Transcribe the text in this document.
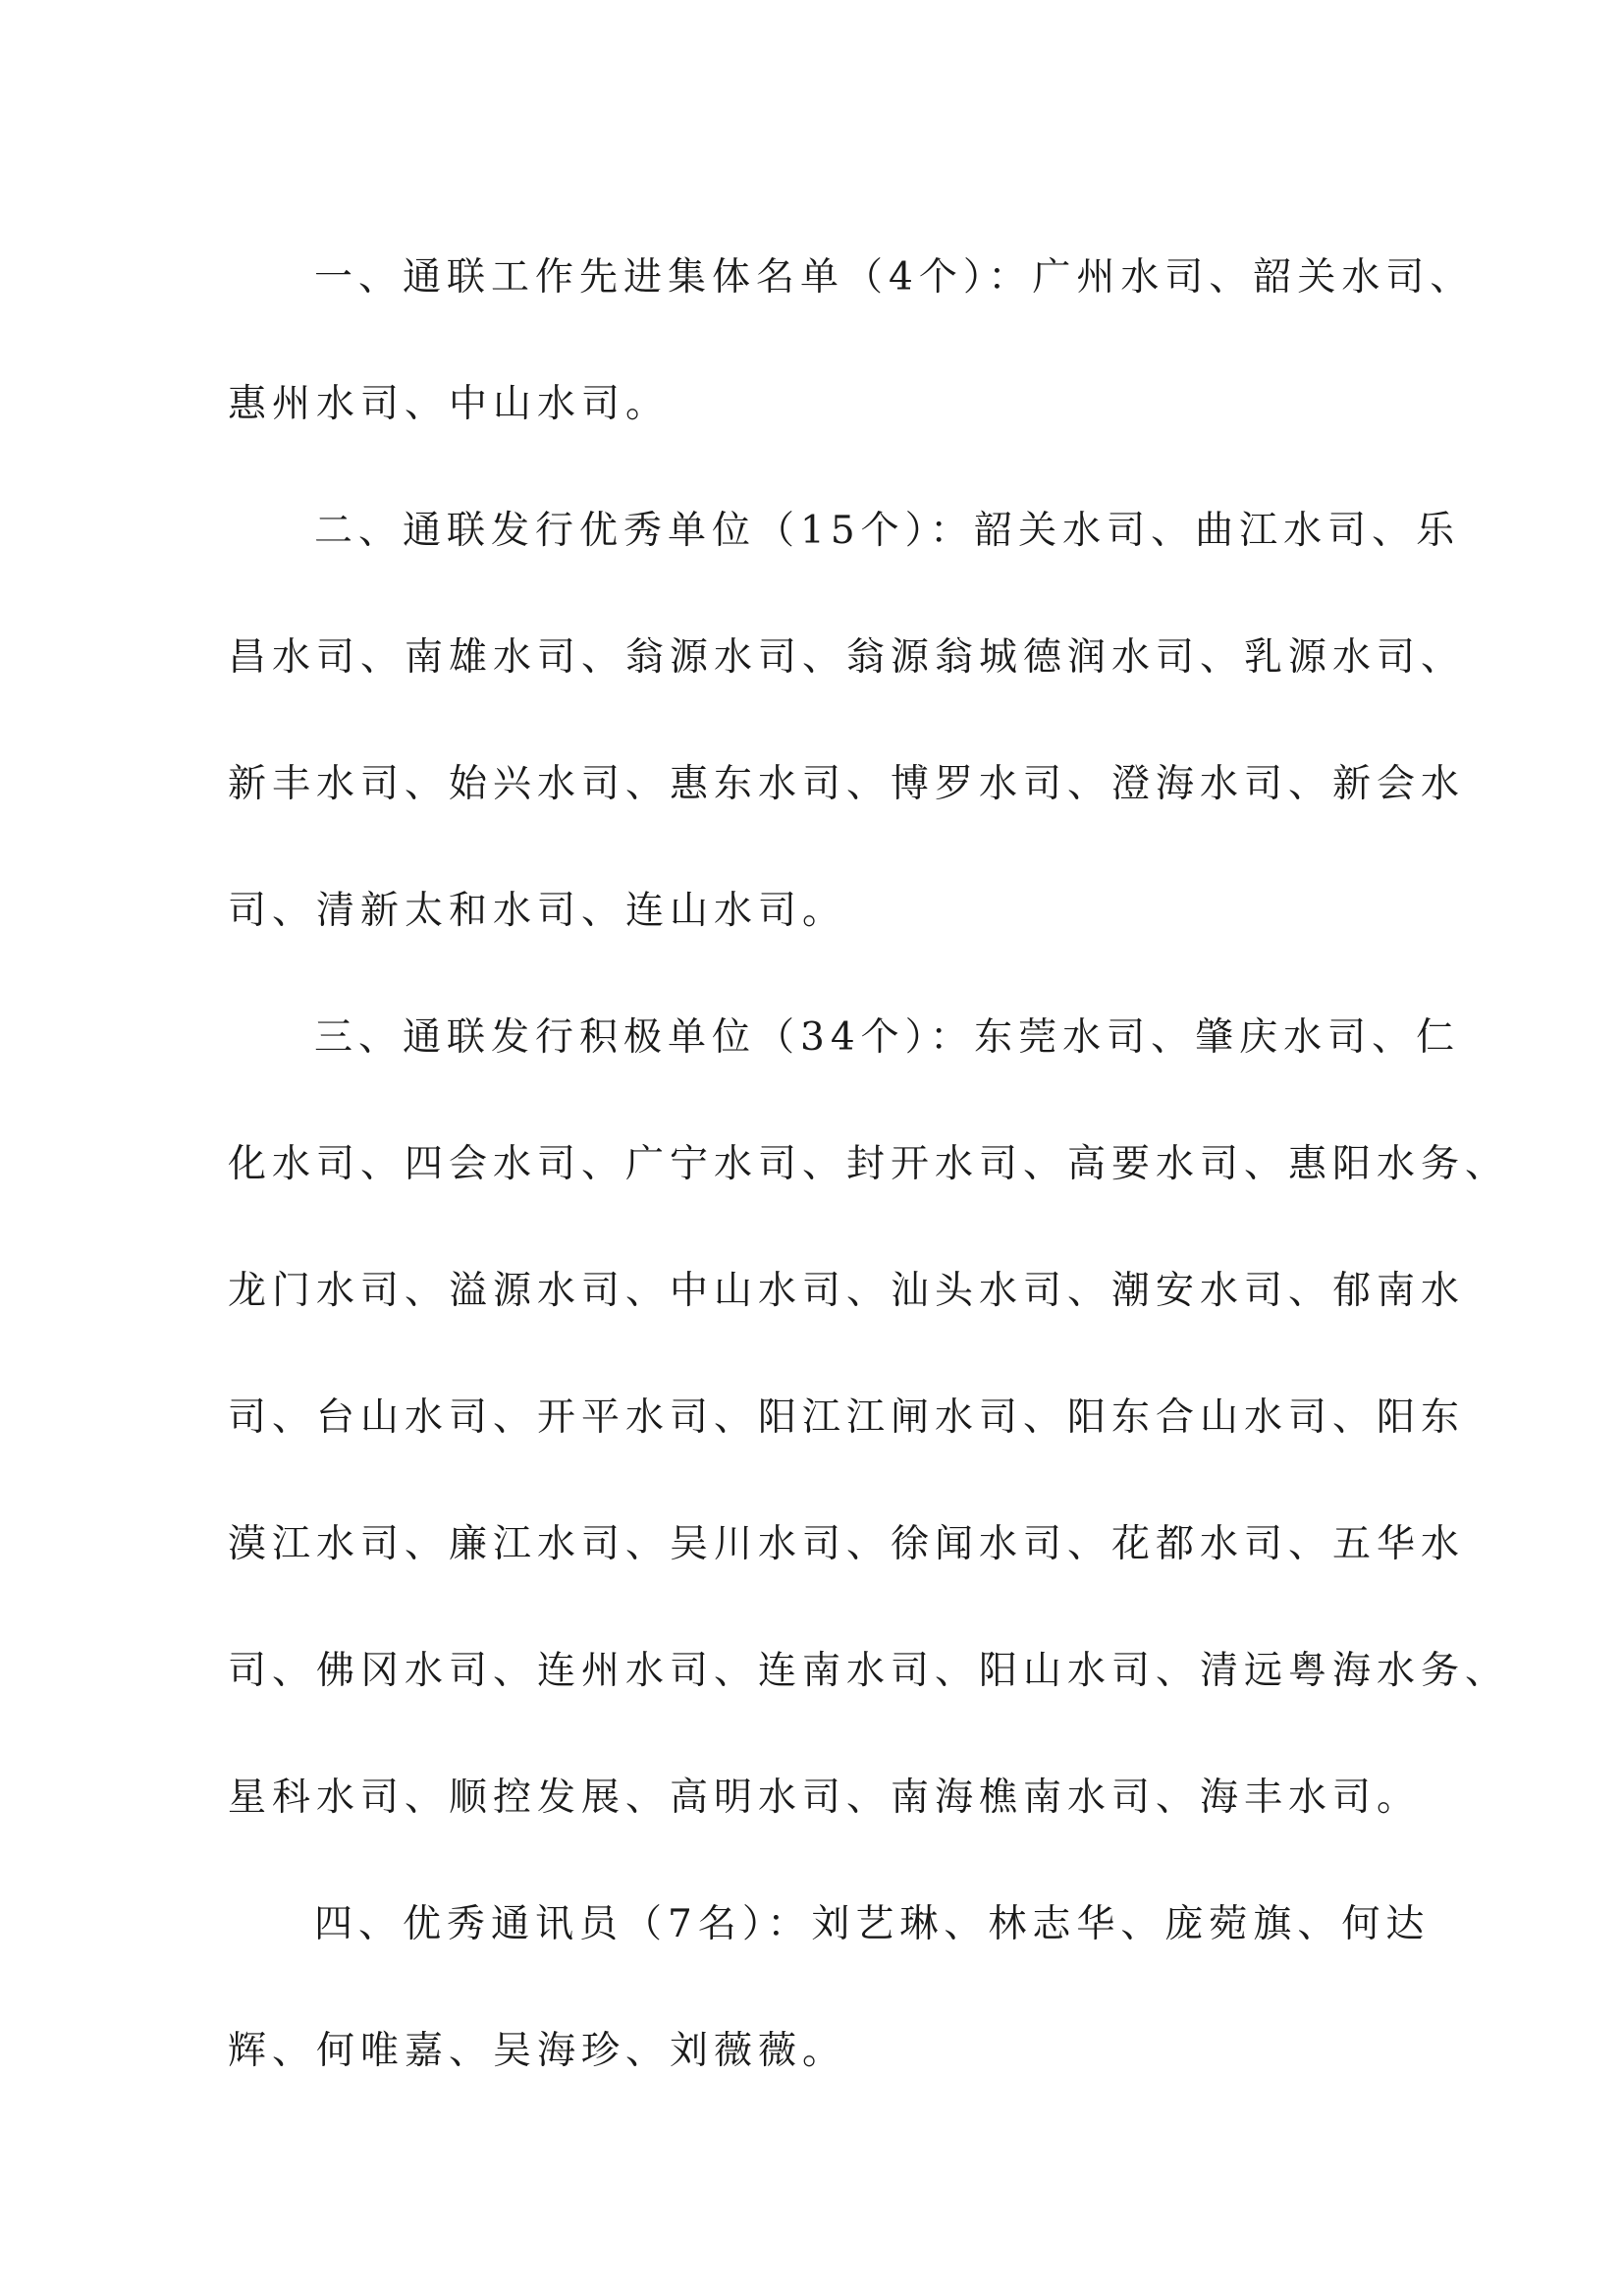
一、通联工作先进集体名单（4个）：广州水司、韶关水司、
惠州水司、中山水司。
二、通联发行优秀单位（15个）：韶关水司、曲江水司、乐
昌水司、南雄水司、翁源水司、翁源翁城德润水司、乳源水司、
新丰水司、始兴水司、惠东水司、博罗水司、澄海水司、新会水
司、清新太和水司、连山水司。
三、通联发行积极单位（34个）：东莞水司、肇庆水司、仁
化水司、四会水司、广宁水司、封开水司、高要水司、惠阳水务、
龙门水司、溢源水司、中山水司、汕头水司、潮安水司、郁南水
司、台山水司、开平水司、阳江江闸水司、阳东合山水司、阳东
漠江水司、廉江水司、吴川水司、徐闻水司、花都水司、五华水
司、佛冈水司、连州水司、连南水司、阳山水司、清远粤海水务、
星科水司、顺控发展、高明水司、南海樵南水司、海丰水司。
四、优秀通讯员（7名）：刘艺琳、林志华、庞菀旗、何达
辉、何唯嘉、吴海珍、刘薇薇。
